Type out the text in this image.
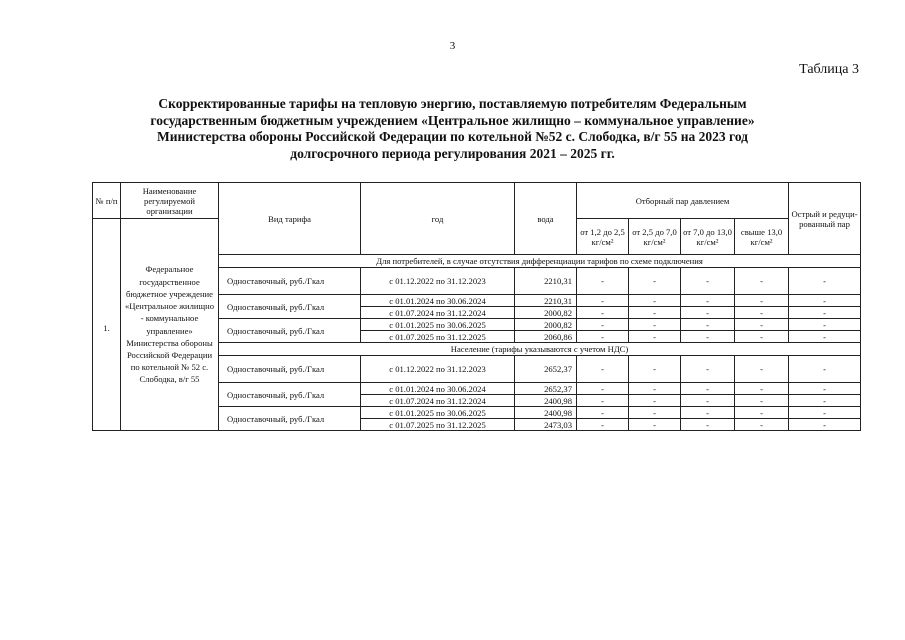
3
Таблица 3
Скорректированные тарифы на тепловую энергию, поставляемую потребителям Федеральным
государственным бюджетным учреждением «Центральное жилищно – коммунальное управление»
Министерства обороны Российской Федерации по котельной №52 с. Слободка, в/г 55 на 2023 год
долгосрочного периода регулирования 2021 – 2025 гг.
№ п/п	Наименование регулируемой организации	Вид тарифа	год	вода	Отборный пар давлением				Острый и редуци-рованный пар

1.	Федеральное государственное бюджетное учреждение «Центральное жилищно - коммунальное управление» Министерства обороны Российской Федерации по котельной № 52 с. Слободка, в/г 55				от 1,2 до 2,5 кг/см²	от 2,5 до 7,0 кг/см²	от 7,0 до 13,0 кг/см²	свыше 13,0 кг/см²	
		Для потребителей, в случае отсутствия дифференциации тарифов по схеме подключения							
		Одноставочный, руб./Гкал	с 01.12.2022 по 31.12.2023	2210,31	-	-	-	-	-
		Одноставочный, руб./Гкал	с 01.01.2024 по 30.06.2024	2210,31	-	-	-	-	-
			с 01.07.2024 по 31.12.2024	2000,82	-	-	-	-	-
		Одноставочный, руб./Гкал	с 01.01.2025 по 30.06.2025	2000,82	-	-	-	-	-
			с 01.07.2025 по 31.12.2025	2060,86	-	-	-	-	-
		Население (тарифы указываются с учетом НДС)							
		Одноставочный, руб./Гкал	с 01.12.2022 по 31.12.2023	2652,37	-	-	-	-	-
		Одноставочный, руб./Гкал	с 01.01.2024 по 30.06.2024	2652,37	-	-	-	-	-
			с 01.07.2024 по 31.12.2024	2400,98	-	-	-	-	-
		Одноставочный, руб./Гкал	с 01.01.2025 по 30.06.2025	2400,98	-	-	-	-	-
			с 01.07.2025 по 31.12.2025	2473,03	-	-	-	-	-
